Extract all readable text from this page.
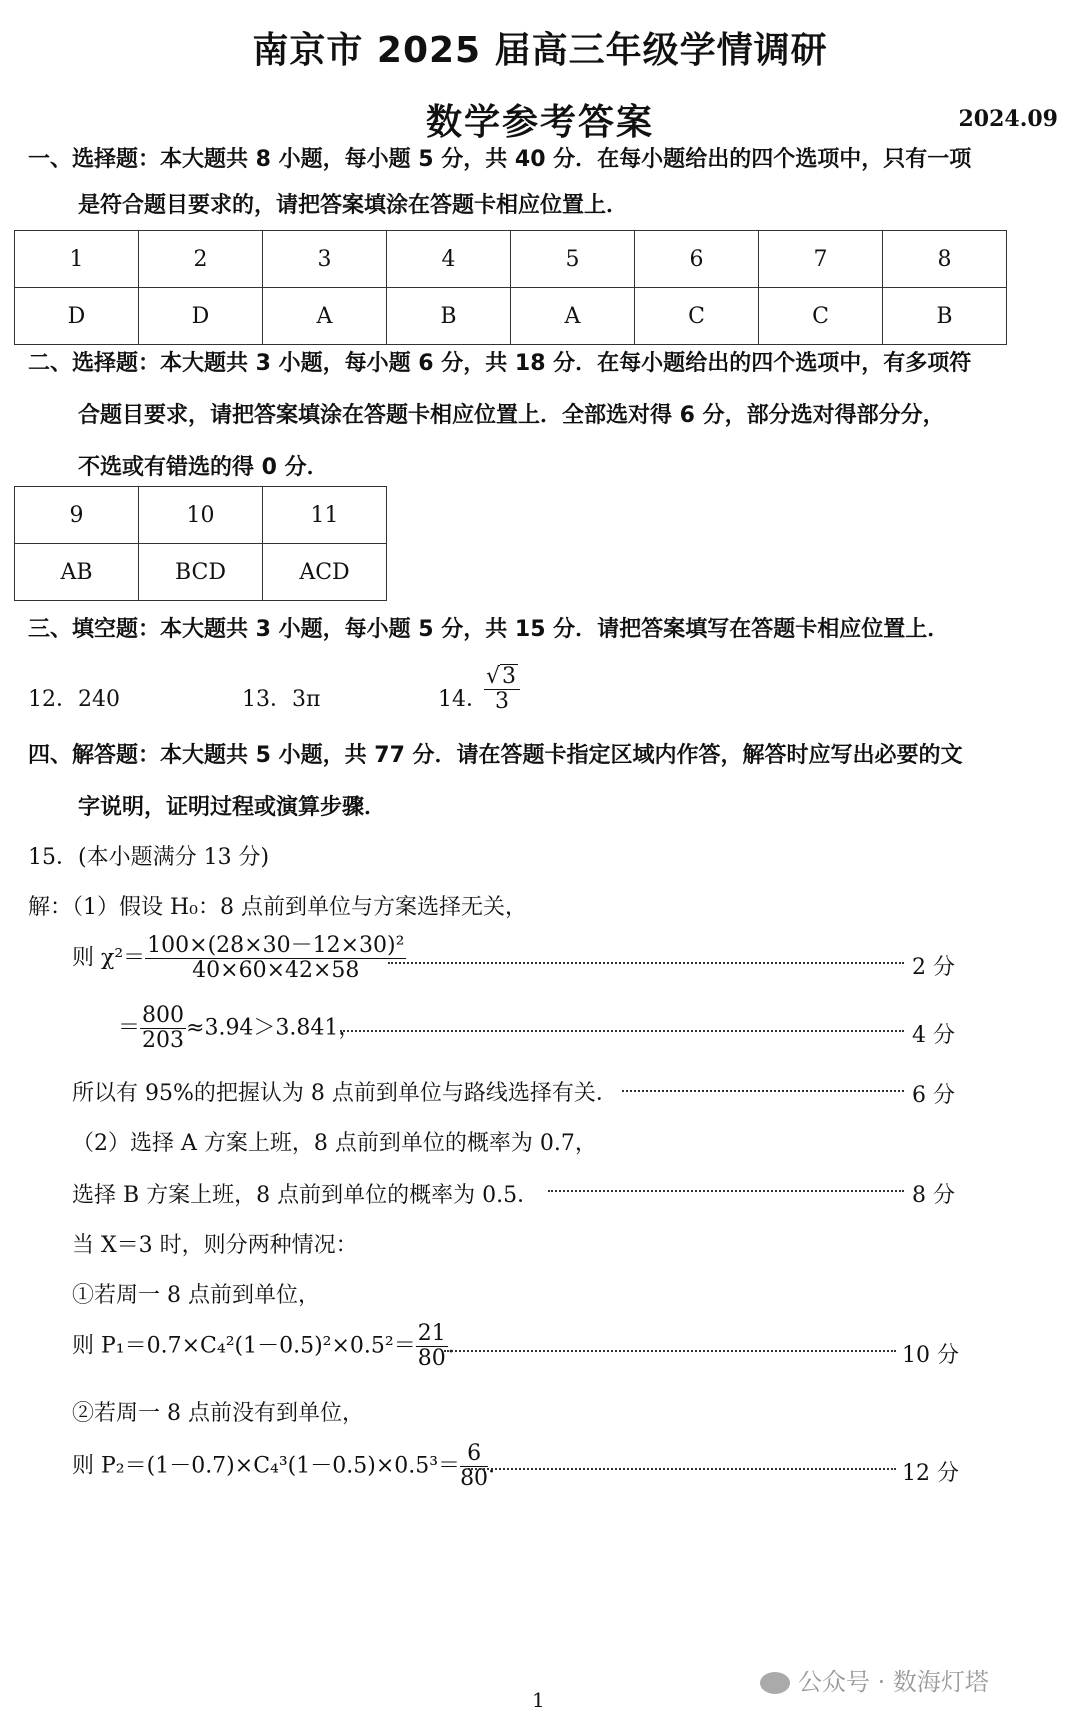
南京市 2025 届高三年级学情调研
数学参考答案	2024.09
一、选择题：本大题共 8 小题，每小题 5 分，共 40 分．在每小题给出的四个选项中，只有一项
是符合题目要求的，请把答案填涂在答题卡相应位置上．
1	2	3	4	5	6	7	8
D	D	A	B	A	C	C	B
二、选择题：本大题共 3 小题，每小题 6 分，共 18 分．在每小题给出的四个选项中，有多项符
合题目要求，请把答案填涂在答题卡相应位置上．全部选对得 6 分，部分选对得部分分，
不选或有错选的得 0 分．
9	10	11
AB	BCD	ACD
三、填空题：本大题共 3 小题，每小题 5 分，共 15 分．请把答案填写在答题卡相应位置上．
12．240	13．3π	14．
$\frac{√3}{3}$
四、解答题：本大题共 5 小题，共 77 分．请在答题卡指定区域内作答，解答时应写出必要的文
字说明，证明过程或演算步骤．
15．(本小题满分 13 分)
解：（1）假设 H₀：8 点前到单位与方案选择无关，
则 $\chi^2= \frac{\text{100×(28×30－12×30)²}}{40\times 60\times 42\times 58}$	2 分
＝ $\frac{800}{203} \approx 3.94>3.841$，	4 分
所以有 95%的把握认为 8 点前到单位与路线选择有关．	6 分
（2）选择 A 方案上班，8 点前到单位的概率为 0.7，
选择 B 方案上班，8 点前到单位的概率为 0.5．	8 分
当 X＝3 时，则分两种情况：
①若周一 8 点前到单位，
则 $P_1=0.7\times C_4^2(1-0.5)^2\times 0.5^2= \frac{21}{80}$ ．	10 分
②若周一 8 点前没有到单位，
则 $P_2=(1-0.7)\times C_4^3(1-0.5)\times 0.5^3= \frac{6}{80}$ ．	12 分
1
公众号 · 数海灯塔
